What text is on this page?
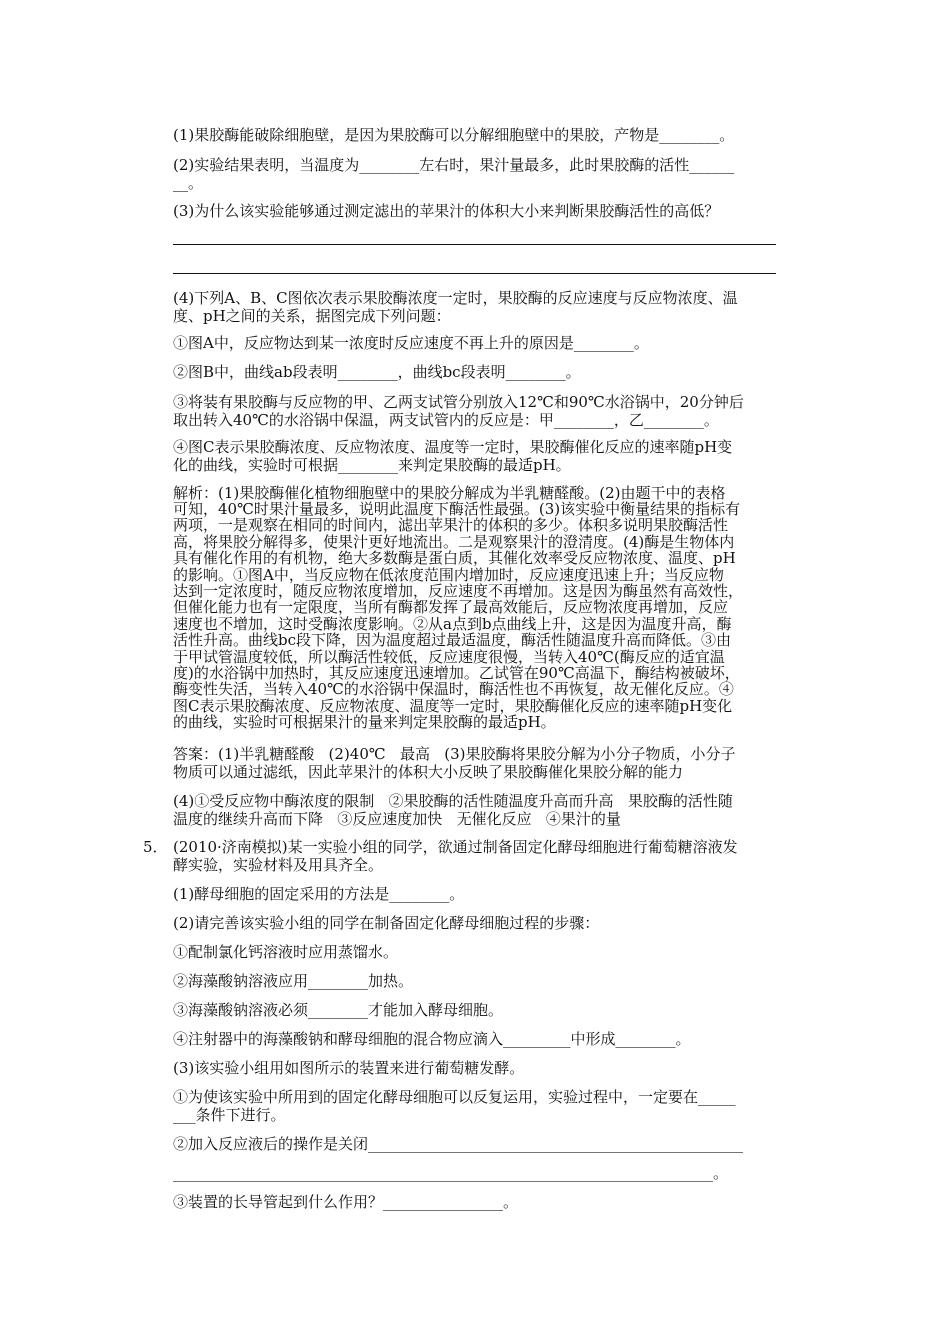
(1)果胶酶能破除细胞壁，是因为果胶酶可以分解细胞壁中的果胶，产物是________。

(2)实验结果表明，当温度为________左右时，果汁量最多，此时果胶酶的活性______

__。

(3)为什么该实验能够通过测定滤出的苹果汁的体积大小来判断果胶酶活性的高低？

(4)下列A、B、C图依次表示果胶酶浓度一定时，果胶酶的反应速度与反应物浓度、温

度、pH之间的关系，据图完成下列问题：

①图A中，反应物达到某一浓度时反应速度不再上升的原因是________。

②图B中，曲线ab段表明________，曲线bc段表明________。

③将装有果胶酶与反应物的甲、乙两支试管分别放入12℃和90℃水浴锅中，20分钟后

取出转入40℃的水浴锅中保温，两支试管内的反应是：甲________，乙________。

④图C表示果胶酶浓度、反应物浓度、温度等一定时，果胶酶催化反应的速率随pH变

化的曲线，实验时可根据________来判定果胶酶的最适pH。

解析：(1)果胶酶催化植物细胞壁中的果胶分解成为半乳糖醛酸。(2)由题干中的表格

可知，40℃时果汁量最多，说明此温度下酶活性最强。(3)该实验中衡量结果的指标有

两项，一是观察在相同的时间内，滤出苹果汁的体积的多少。体积多说明果胶酶活性

高，将果胶分解得多，使果汁更好地流出。二是观察果汁的澄清度。(4)酶是生物体内

具有催化作用的有机物，绝大多数酶是蛋白质，其催化效率受反应物浓度、温度、pH

的影响。①图A中，当反应物在低浓度范围内增加时，反应速度迅速上升；当反应物

达到一定浓度时，随反应物浓度增加，反应速度不再增加。这是因为酶虽然有高效性，

但催化能力也有一定限度，当所有酶都发挥了最高效能后，反应物浓度再增加，反应

速度也不增加，这时受酶浓度影响。②从a点到b点曲线上升，这是因为温度升高，酶

活性升高。曲线bc段下降，因为温度超过最适温度，酶活性随温度升高而降低。③由

于甲试管温度较低，所以酶活性较低，反应速度很慢，当转入40℃(酶反应的适宜温

度)的水浴锅中加热时，其反应速度迅速增加。乙试管在90℃高温下，酶结构被破坏，

酶变性失活，当转入40℃的水浴锅中保温时，酶活性也不再恢复，故无催化反应。④

图C表示果胶酶浓度、反应物浓度、温度等一定时，果胶酶催化反应的速率随pH变化

的曲线，实验时可根据果汁的量来判定果胶酶的最适pH。

答案：(1)半乳糖醛酸   (2)40℃   最高   (3)果胶酶将果胶分解为小分子物质，小分子

物质可以通过滤纸，因此苹果汁的体积大小反映了果胶酶催化果胶分解的能力

(4)①受反应物中酶浓度的限制   ②果胶酶的活性随温度升高而升高   果胶酶的活性随

温度的继续升高而下降   ③反应速度加快   无催化反应   ④果汁的量

5． (2010·济南模拟)某一实验小组的同学，欲通过制备固定化酵母细胞进行葡萄糖溶液发

酵实验，实验材料及用具齐全。

(1)酵母细胞的固定采用的方法是________。

(2)请完善该实验小组的同学在制备固定化酵母细胞过程的步骤：

①配制氯化钙溶液时应用蒸馏水。

②海藻酸钠溶液应用________加热。

③海藻酸钠溶液必须________才能加入酵母细胞。

④注射器中的海藻酸钠和酵母细胞的混合物应滴入_________中形成________。

(3)该实验小组用如图所示的装置来进行葡萄糖发酵。

①为使该实验中所用到的固定化酵母细胞可以反复运用，实验过程中，一定要在_____

___条件下进行。

②加入反应液后的操作是关闭__________________________________________________

________________________________________________________________________。

③装置的长导管起到什么作用？________________。
